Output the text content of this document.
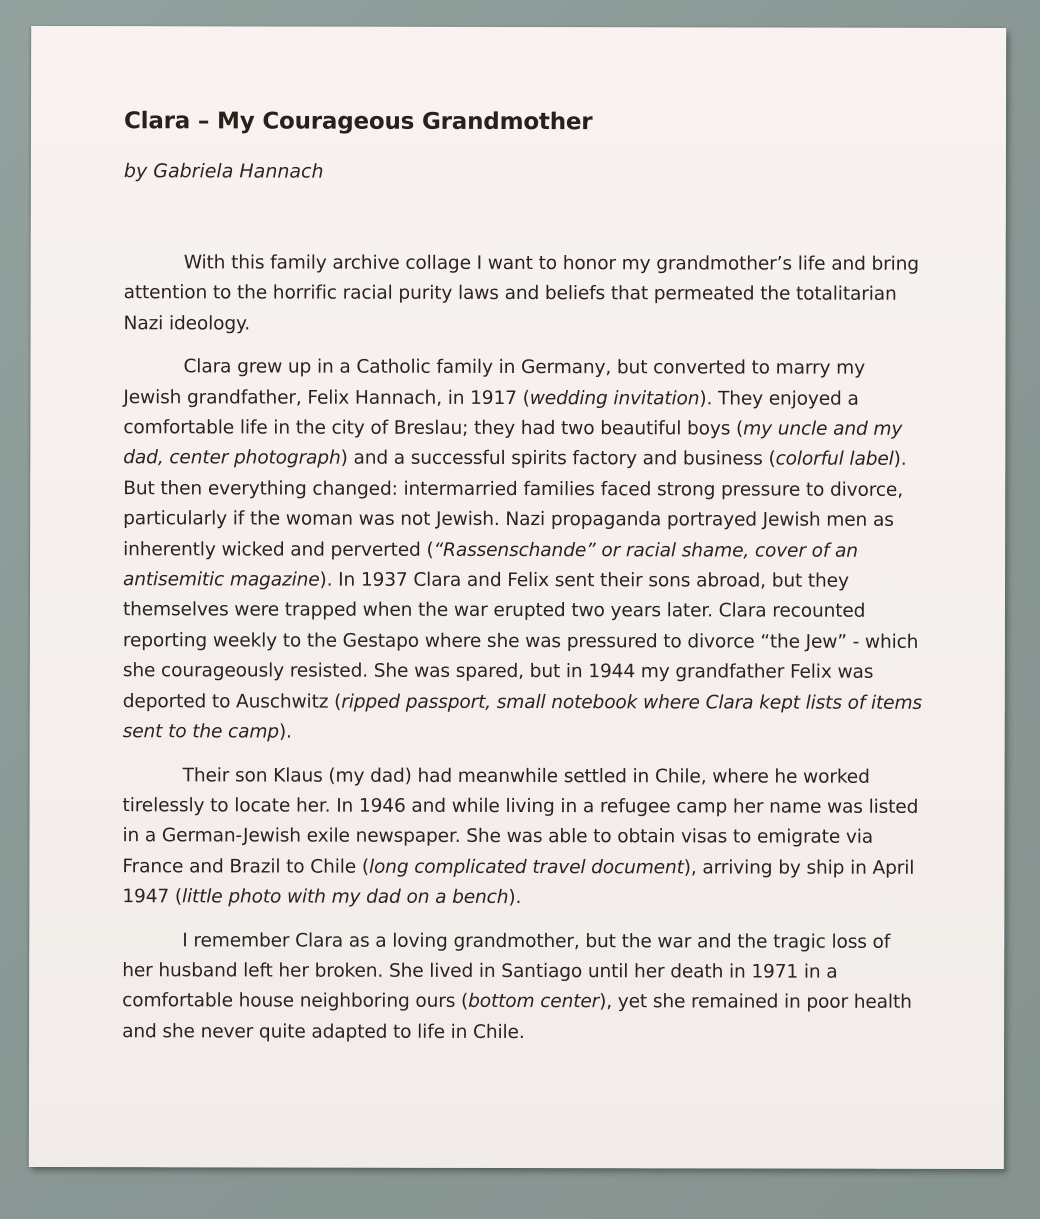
Clara – My Courageous Grandmother

by Gabriela Hannach

With this family archive collage I want to honor my grandmother’s life and bring attention to the horrific racial purity laws and beliefs that permeated the totalitarian Nazi ideology.

Clara grew up in a Catholic family in Germany, but converted to marry my Jewish grandfather, Felix Hannach, in 1917 (wedding invitation). They enjoyed a comfortable life in the city of Breslau; they had two beautiful boys (my uncle and my dad, center photograph) and a successful spirits factory and business (colorful label). But then everything changed: intermarried families faced strong pressure to divorce, particularly if the woman was not Jewish. Nazi propaganda portrayed Jewish men as inherently wicked and perverted (“Rassenschande” or racial shame, cover of an antisemitic magazine). In 1937 Clara and Felix sent their sons abroad, but they themselves were trapped when the war erupted two years later. Clara recounted reporting weekly to the Gestapo where she was pressured to divorce “the Jew” - which she courageously resisted. She was spared, but in 1944 my grandfather Felix was deported to Auschwitz (ripped passport, small notebook where Clara kept lists of items sent to the camp).

Their son Klaus (my dad) had meanwhile settled in Chile, where he worked tirelessly to locate her. In 1946 and while living in a refugee camp her name was listed in a German-Jewish exile newspaper. She was able to obtain visas to emigrate via France and Brazil to Chile (long complicated travel document), arriving by ship in April 1947 (little photo with my dad on a bench).

I remember Clara as a loving grandmother, but the war and the tragic loss of her husband left her broken. She lived in Santiago until her death in 1971 in a comfortable house neighboring ours (bottom center), yet she remained in poor health and she never quite adapted to life in Chile.
